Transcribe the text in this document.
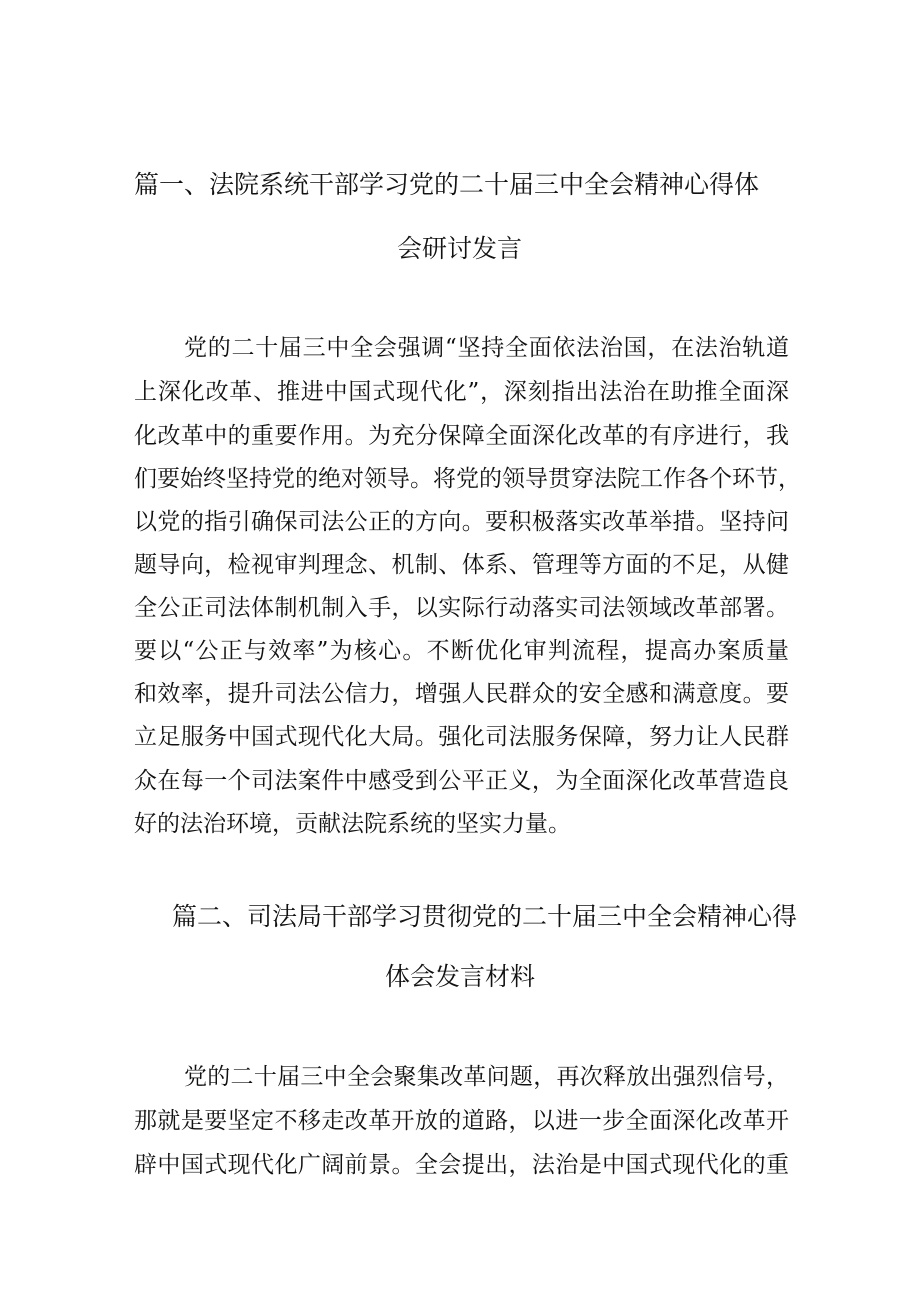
篇一、法院系统干部学习党的二十届三中全会精神心得体
会研讨发言
党的二十届三中全会强调“坚持全面依法治国，在法治轨道
上深化改革、推进中国式现代化”，深刻指出法治在助推全面深
化改革中的重要作用。为充分保障全面深化改革的有序进行，我
们要始终坚持党的绝对领导。将党的领导贯穿法院工作各个环节，
以党的指引确保司法公正的方向。要积极落实改革举措。坚持问
题导向，检视审判理念、机制、体系、管理等方面的不足，从健
全公正司法体制机制入手，以实际行动落实司法领域改革部署。
要以“公正与效率”为核心。不断优化审判流程，提高办案质量
和效率，提升司法公信力，增强人民群众的安全感和满意度。要
立足服务中国式现代化大局。强化司法服务保障，努力让人民群
众在每一个司法案件中感受到公平正义，为全面深化改革营造良
好的法治环境，贡献法院系统的坚实力量。
篇二、司法局干部学习贯彻党的二十届三中全会精神心得
体会发言材料
党的二十届三中全会聚集改革问题，再次释放出强烈信号，
那就是要坚定不移走改革开放的道路，以进一步全面深化改革开
辟中国式现代化广阔前景。全会提出，法治是中国式现代化的重
